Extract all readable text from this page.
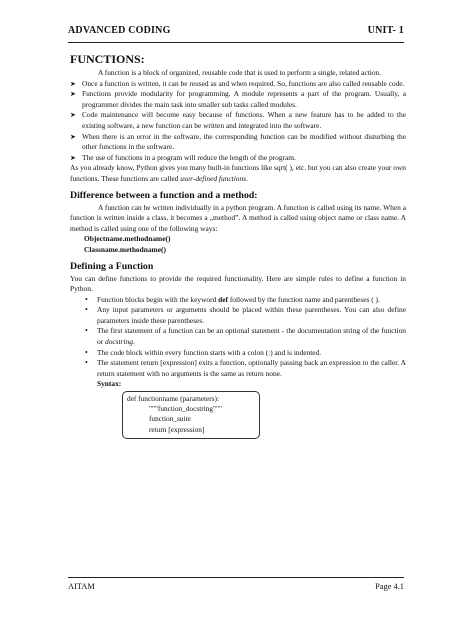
ADVANCED CODING	UNIT- 1
FUNCTIONS:

A function is a block of organized, reusable code that is used to perform a single, related action.

➤ Once a function is written, it can be reused as and when required. So, functions are also called reusable code.
➤ Functions provide modularity for programming. A module represents a part of the program. Usually, a programmer divides the main task into smaller sub tasks called modules.
➤ Code maintenance will become easy because of functions. When a new feature has to be added to the existing software, a new function can be written and integrated into the software.
➤ When there is an error in the software, the corresponding function can be modified without disturbing the other functions in the software.
➤ The use of functions in a program will reduce the length of the program.

As you already know, Python gives you many built-in functions like sqrt( ), etc. but you can also create your own functions. These functions are called user-defined functions.

Difference between a function and a method:

A function can be written individually in a python program. A function is called using its name. When a function is written inside a class, it becomes a „method”. A method is called using object name or class name. A method is called using one of the following ways:

Objectname.methodname()
Classname.methodname()
Defining a Function

You can define functions to provide the required functionality. Here are simple rules to define a function in Python.

• Function blocks begin with the keyword def followed by the function name and parentheses ( ).
• Any input parameters or arguments should be placed within these parentheses. You can also define parameters inside these parentheses.
• The first statement of a function can be an optional statement - the documentation string of the function or docstring.
• The code block within every function starts with a colon (:) and is indented.
• The statement return [expression] exits a function, optionally passing back an expression to the caller. A return statement with no arguments is the same as return none.
Syntax:
def functionname (parameters):
"""function_docstring"""
function_suite
return [expression]
AITAM	Page 4.1
